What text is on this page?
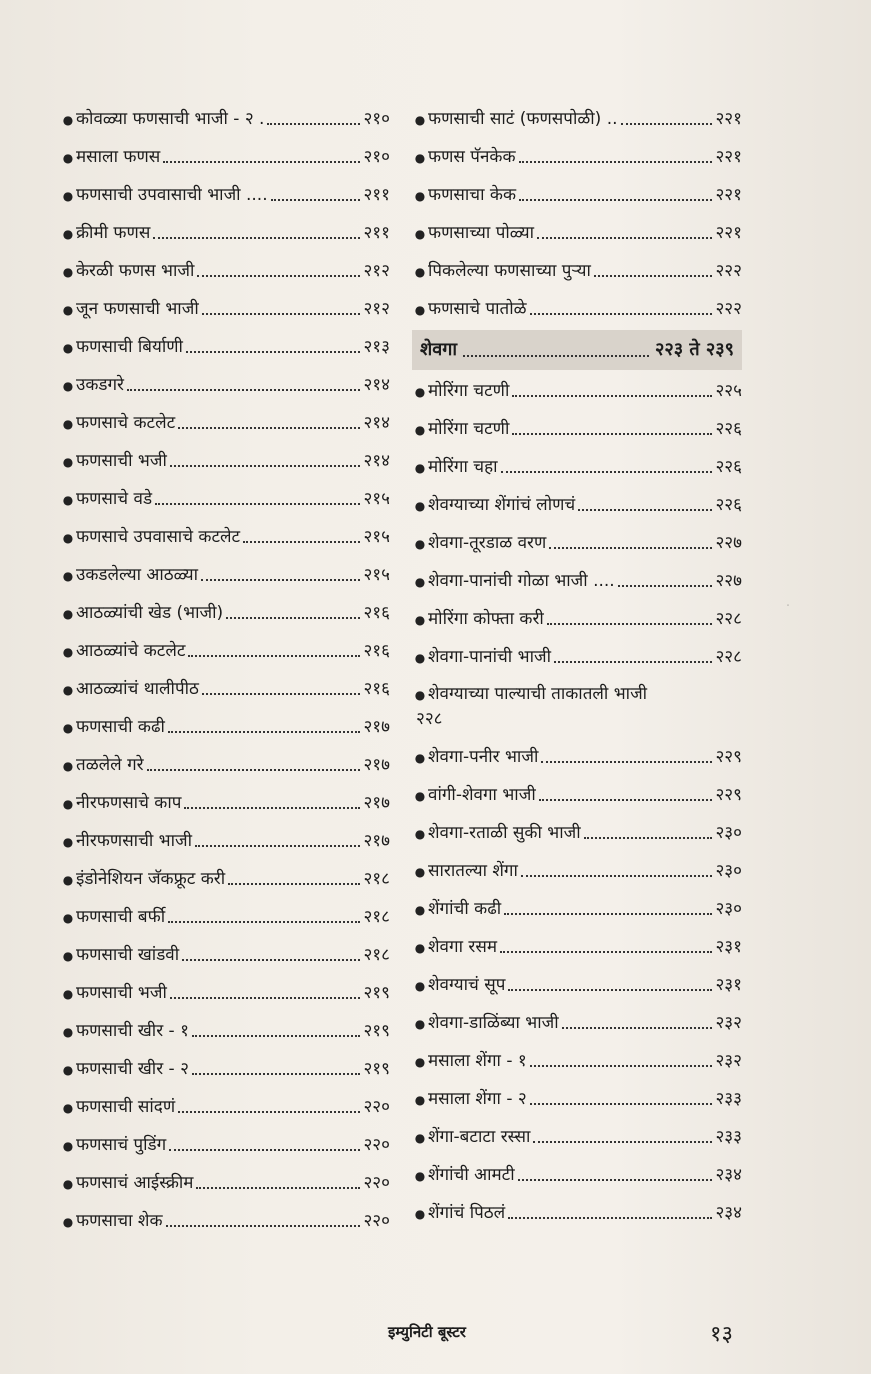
● कोवळ्या फणसाची भाजी - २ .	२१०
● मसाला फणस	२१०
● फणसाची उपवासाची भाजी ....	२११
● क्रीमी फणस	२११
● केरळी फणस भाजी	२१२
● जून फणसाची भाजी	२१२
● फणसाची बिर्याणी	२१३
● उकडगरे	२१४
● फणसाचे कटलेट	२१४
● फणसाची भजी	२१४
● फणसाचे वडे	२१५
● फणसाचे उपवासाचे कटलेट	२१५
● उकडलेल्या आठळ्या	२१५
● आठळ्यांची खेड (भाजी)	२१६
● आठळ्यांचे कटलेट	२१६
● आठळ्यांचं थालीपीठ	२१६
● फणसाची कढी	२१७
● तळलेले गरे	२१७
● नीरफणसाचे काप	२१७
● नीरफणसाची भाजी	२१७
● इंडोनेशियन जॅकफ्रूट करी	२१८
● फणसाची बर्फी	२१८
● फणसाची खांडवी	२१८
● फणसाची भजी	२१९
● फणसाची खीर - १	२१९
● फणसाची खीर - २	२१९
● फणसाची सांदणं	२२०
● फणसाचं पुडिंग	२२०
● फणसाचं आईस्क्रीम	२२०
● फणसाचा शेक	२२०
● फणसाची साटं (फणसपोळी) ..	२२१
● फणस पॅनकेक	२२१
● फणसाचा केक	२२१
● फणसाच्या पोळ्या	२२१
● पिकलेल्या फणसाच्या पुऱ्या	२२२
● फणसाचे पातोळे	२२२
शेवगा	२२३ ते २३९
● मोरिंगा चटणी	२२५
● मोरिंगा चटणी	२२६
● मोरिंगा चहा	२२६
● शेवग्याच्या शेंगांचं लोणचं	२२६
● शेवगा-तूरडाळ वरण	२२७
● शेवगा-पानांची गोळा भाजी ....	२२७
● मोरिंगा कोफ्ता करी	२२८
● शेवगा-पानांची भाजी	२२८
● शेवग्याच्या पाल्याची ताकातली भाजी
२२८
● शेवगा-पनीर भाजी	२२९
● वांगी-शेवगा भाजी	२२९
● शेवगा-रताळी सुकी भाजी	२३०
● सारातल्या शेंगा	२३०
● शेंगांची कढी	२३०
● शेवगा रसम	२३१
● शेवग्याचं सूप	२३१
● शेवगा-डाळिंब्या भाजी	२३२
● मसाला शेंगा - १	२३२
● मसाला शेंगा - २	२३३
● शेंगा-बटाटा रस्सा	२३३
● शेंगांची आमटी	२३४
● शेंगांचं पिठलं	२३४
इम्युनिटी बूस्टर	१३
